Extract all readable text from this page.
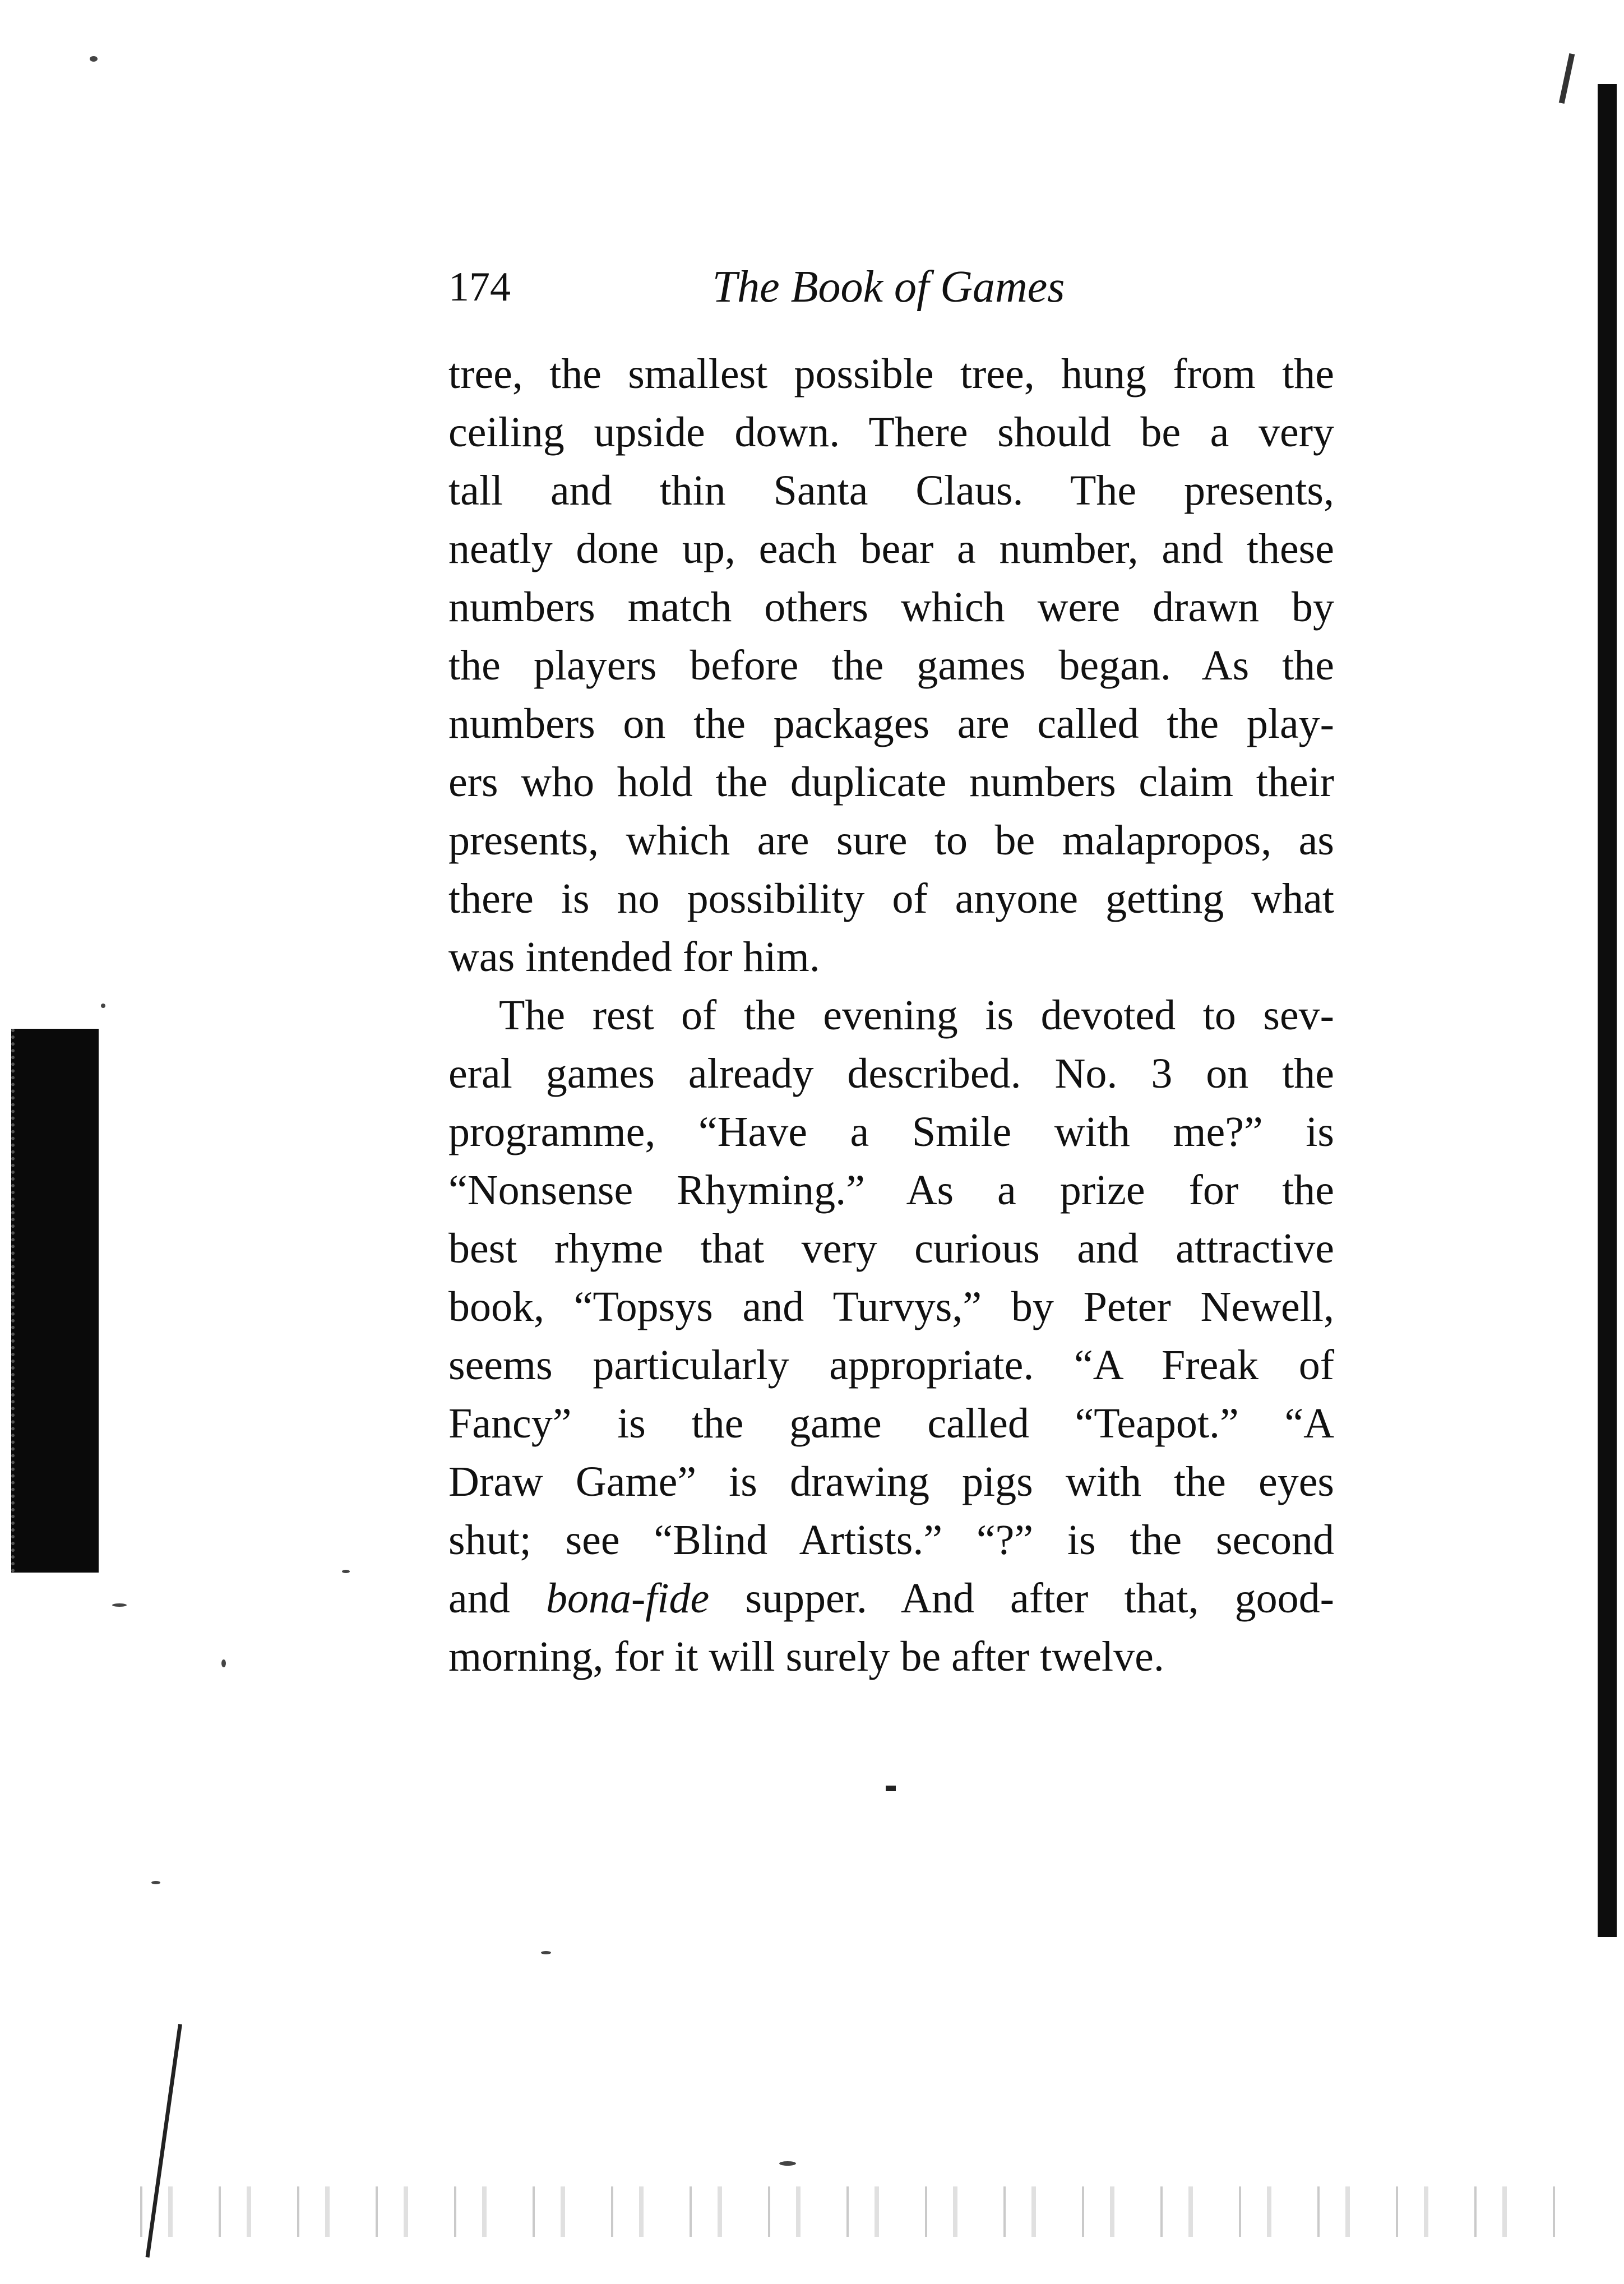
174	The Book of Games
tree, the smallest possible tree, hung from the
ceiling upside down. There should be a very
tall and thin Santa Claus. The presents,
neatly done up, each bear a number, and these
numbers match others which were drawn by
the players before the games began. As the
numbers on the packages are called the play-
ers who hold the duplicate numbers claim their
presents, which are sure to be malapropos, as
there is no possibility of anyone getting what
was intended for him.
The rest of the evening is devoted to sev-
eral games already described. No. 3 on the
programme, “Have a Smile with me?” is
“Nonsense Rhyming.” As a prize for the
best rhyme that very curious and attractive
book, “Topsys and Turvys,” by Peter Newell,
seems particularly appropriate. “A Freak of
Fancy” is the game called “Teapot.” “A
Draw Game” is drawing pigs with the eyes
shut; see “Blind Artists.” “?” is the second
and bona-fide supper. And after that, good-
morning, for it will surely be after twelve.
